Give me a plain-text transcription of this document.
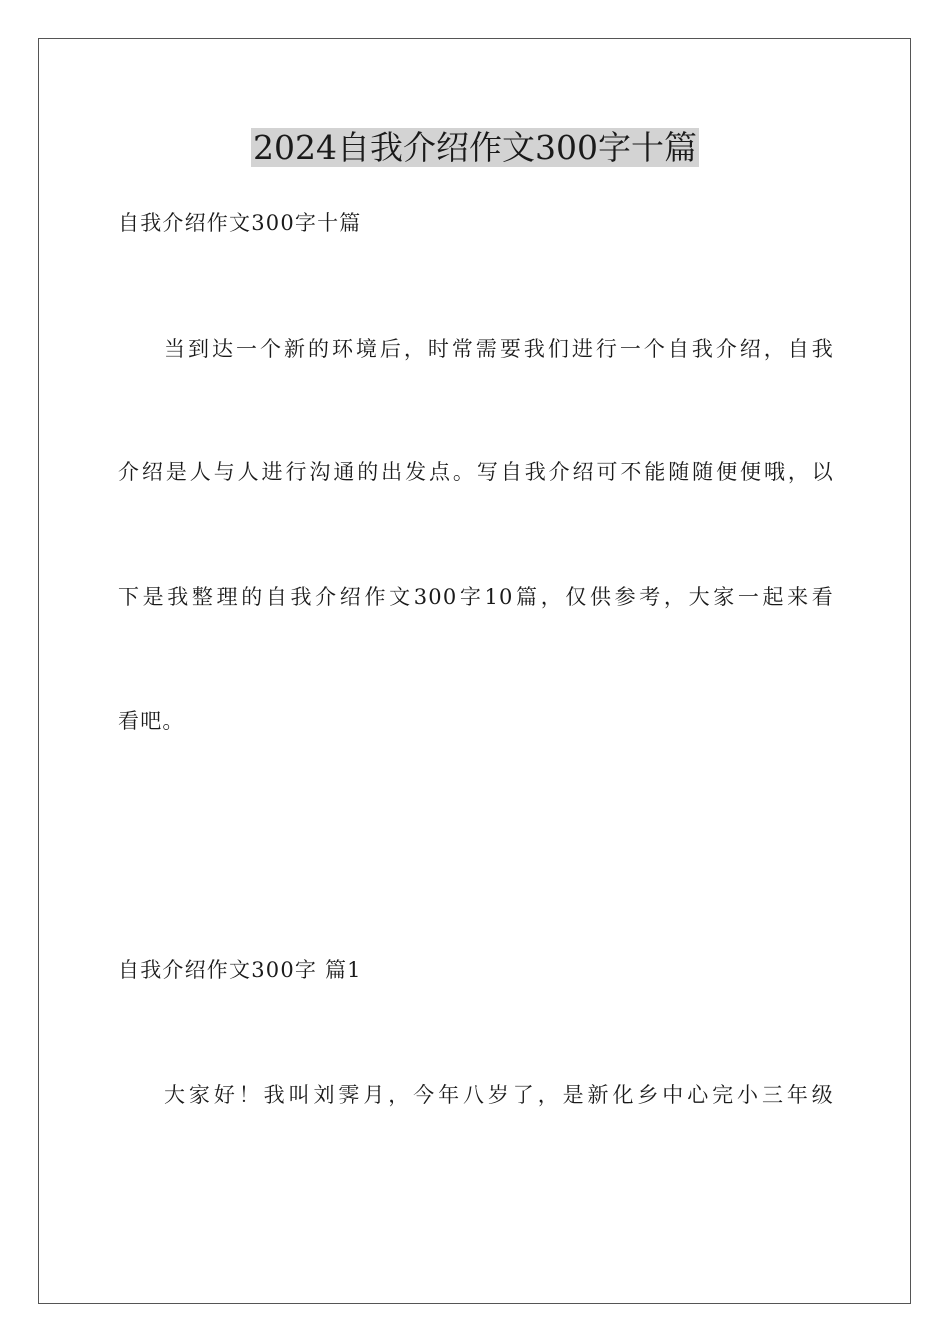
2024自我介绍作文300字十篇
自我介绍作文300字十篇
当到达一个新的环境后，时常需要我们进行一个自我介绍，自我
介绍是人与人进行沟通的出发点。写自我介绍可不能随随便便哦，以
下是我整理的自我介绍作文300字10篇，仅供参考，大家一起来看
看吧。
自我介绍作文300字 篇1
大家好！我叫刘霁月，今年八岁了，是新化乡中心完小三年级
